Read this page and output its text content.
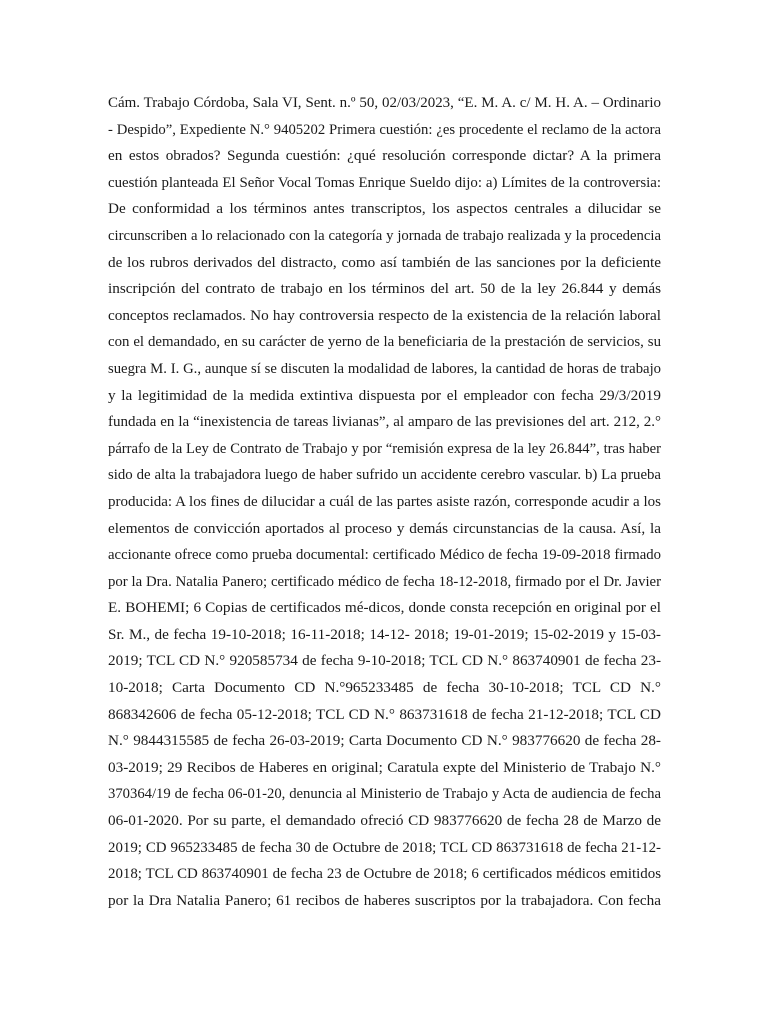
Cám. Trabajo Córdoba, Sala VI, Sent. n.º 50, 02/03/2023, “E. M. A. c/ M. H. A. – Ordinario
- Despido”, Expediente N.° 9405202 Primera cuestión: ¿es procedente el reclamo de la actora
en estos obrados? Segunda cuestión: ¿qué resolución corresponde dictar? A la primera
cuestión planteada El Señor Vocal Tomas Enrique Sueldo dijo: a) Límites de la controversia:
De conformidad a los términos antes transcriptos, los aspectos centrales a dilucidar se
circunscriben a lo relacionado con la categoría y jornada de trabajo realizada y la procedencia
de los rubros derivados del distracto, como así también de las sanciones por la deficiente
inscripción del contrato de trabajo en los términos del art. 50 de la ley 26.844 y demás
conceptos reclamados. No hay controversia respecto de la existencia de la relación laboral
con el demandado, en su carácter de yerno de la beneficiaria de la prestación de servicios, su
suegra M. I. G., aunque sí se discuten la modalidad de labores, la cantidad de horas de trabajo
y la legitimidad de la medida extintiva dispuesta por el empleador con fecha 29/3/2019
fundada en la “inexistencia de tareas livianas”, al amparo de las previsiones del art. 212, 2.°
párrafo de la Ley de Contrato de Trabajo y por “remisión expresa de la ley 26.844”, tras haber
sido de alta la trabajadora luego de haber sufrido un accidente cerebro vascular. b) La prueba
producida: A los fines de dilucidar a cuál de las partes asiste razón, corresponde acudir a los
elementos de convicción aportados al proceso y demás circunstancias de la causa. Así, la
accionante ofrece como prueba documental: certificado Médico de fecha 19-09-2018 firmado
por la Dra. Natalia Panero; certificado médico de fecha 18-12-2018, firmado por el Dr. Javier
E. BOHEMI; 6 Copias de certificados mé-dicos, donde consta recepción en original por el
Sr. M., de fecha 19-10-2018; 16-11-2018; 14-12- 2018; 19-01-2019; 15-02-2019 y 15-03-
2019; TCL CD N.° 920585734 de fecha 9-10-2018; TCL CD N.° 863740901 de fecha 23-
10-2018; Carta Documento CD N.°965233485 de fecha 30-10-2018; TCL CD N.°
868342606 de fecha 05-12-2018; TCL CD N.° 863731618 de fecha 21-12-2018; TCL CD
N.° 9844315585 de fecha 26-03-2019; Carta Documento CD N.° 983776620 de fecha 28-
03-2019; 29 Recibos de Haberes en original; Caratula expte del Ministerio de Trabajo N.°
370364/19 de fecha 06-01-20, denuncia al Ministerio de Trabajo y Acta de audiencia de fecha
06-01-2020. Por su parte, el demandado ofreció CD 983776620 de fecha 28 de Marzo de
2019; CD 965233485 de fecha 30 de Octubre de 2018; TCL CD 863731618 de fecha 21-12-
2018; TCL CD 863740901 de fecha 23 de Octubre de 2018; 6 certificados médicos emitidos
por la Dra Natalia Panero; 61 recibos de haberes suscriptos por la trabajadora. Con fecha
